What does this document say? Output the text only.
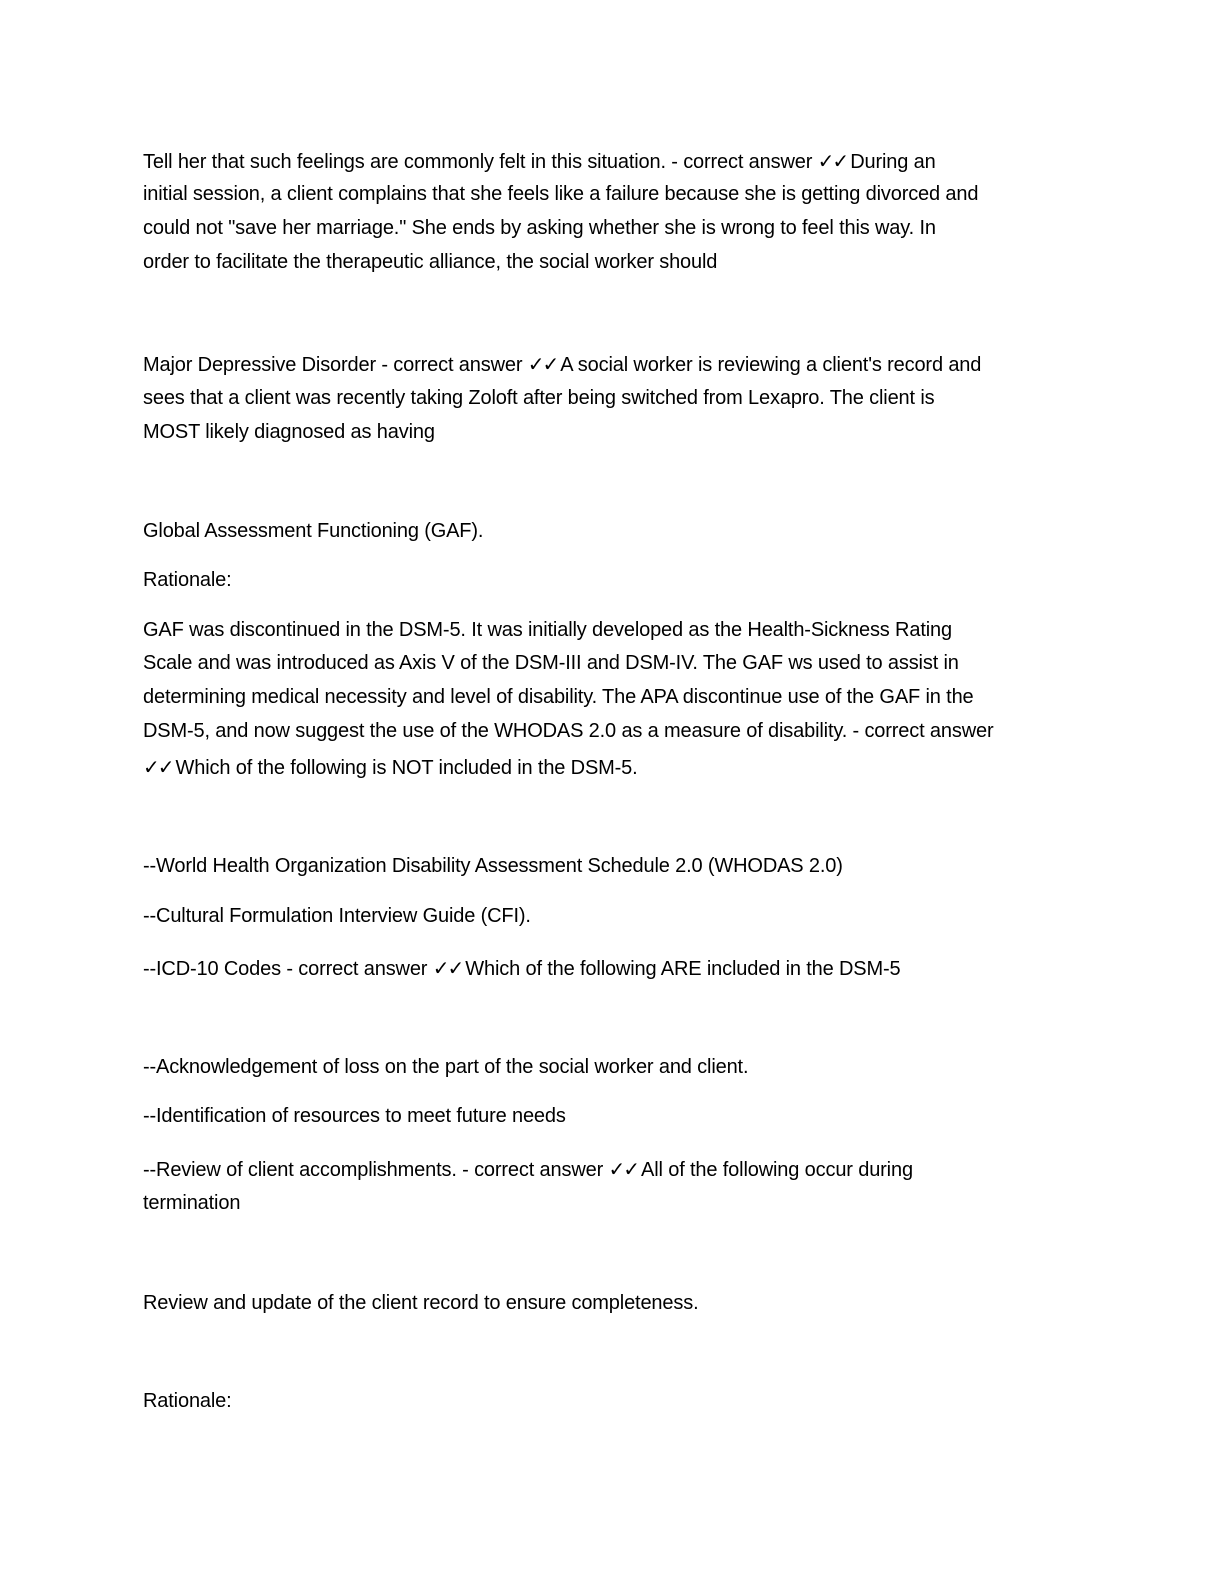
Tell her that such feelings are commonly felt in this situation. - correct answer ✓✓ During an
initial session, a client complains that she feels like a failure because she is getting divorced and
could not "save her marriage." She ends by asking whether she is wrong to feel this way. In
order to facilitate the therapeutic alliance, the social worker should
Major Depressive Disorder - correct answer ✓✓ A social worker is reviewing a client's record and
sees that a client was recently taking Zoloft after being switched from Lexapro. The client is
MOST likely diagnosed as having
Global Assessment Functioning (GAF).
Rationale:
GAF was discontinued in the DSM-5. It was initially developed as the Health-Sickness Rating
Scale and was introduced as Axis V of the DSM-III and DSM-IV. The GAF ws used to assist in
determining medical necessity and level of disability. The APA discontinue use of the GAF in the
DSM-5, and now suggest the use of the WHODAS 2.0 as a measure of disability. - correct answer
✓✓ Which of the following is NOT included in the DSM-5.
--World Health Organization Disability Assessment Schedule 2.0 (WHODAS 2.0)
--Cultural Formulation Interview Guide (CFI).
--ICD-10 Codes - correct answer ✓✓ Which of the following ARE included in the DSM-5
--Acknowledgement of loss on the part of the social worker and client.
--Identification of resources to meet future needs
--Review of client accomplishments. - correct answer ✓✓ All of the following occur during
termination
Review and update of the client record to ensure completeness.
Rationale:
